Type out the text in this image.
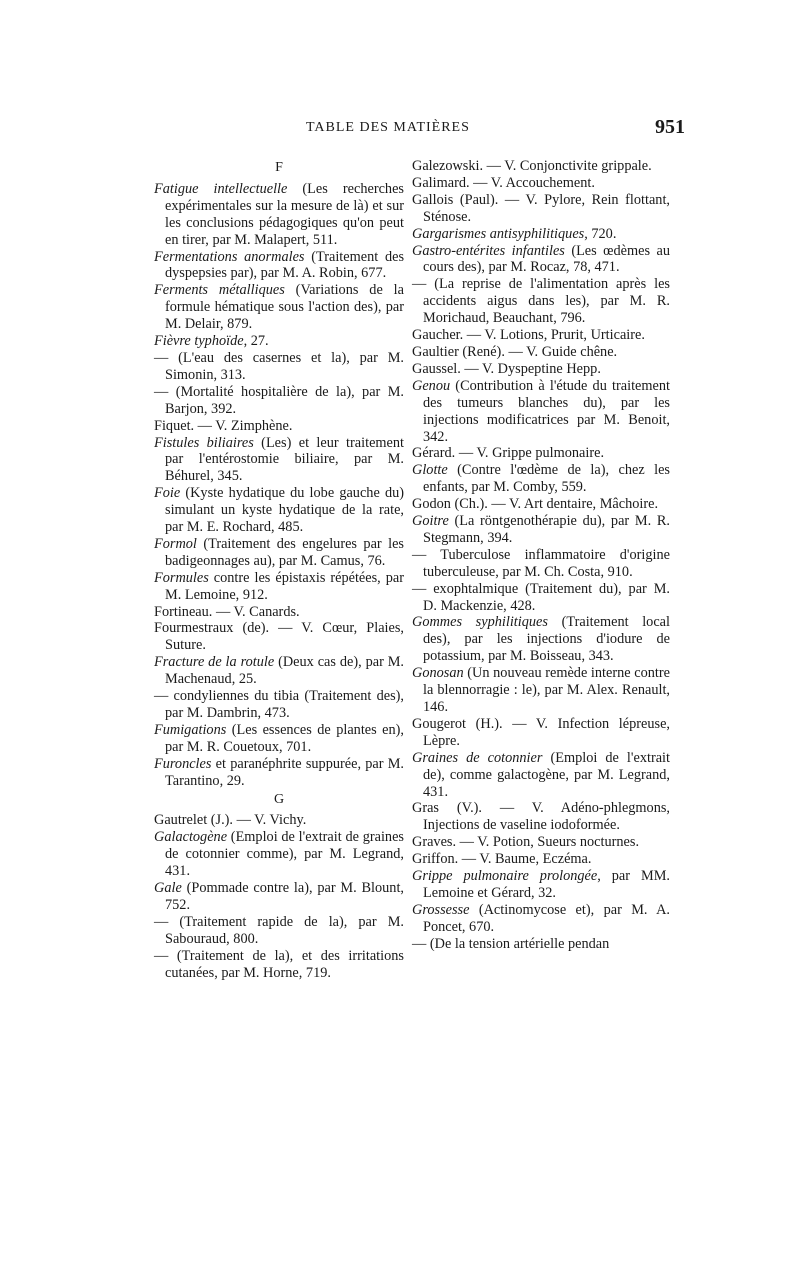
TABLE DES MATIÈRES	951
F

Fatigue intellectuelle (Les recherches expérimentales sur la mesure de là) et sur les conclusions pédagogiques qu'on peut en tirer, par M. Malapert, 511.

Fermentations anormales (Traitement des dyspepsies par), par M. A. Robin, 677.

Ferments métalliques (Variations de la formule hématique sous l'action des), par M. Delair, 879.

Fièvre typhoïde, 27.

— (L'eau des casernes et la), par M. Simonin, 313.

— (Mortalité hospitalière de la), par M. Barjon, 392.

Fiquet. — V. Zimphène.

Fistules biliaires (Les) et leur traitement par l'entérostomie biliaire, par M. Béhurel, 345.

Foie (Kyste hydatique du lobe gauche du) simulant un kyste hydatique de la rate, par M. E. Rochard, 485.

Formol (Traitement des engelures par les badigeonnages au), par M. Camus, 76.

Formules contre les épistaxis répétées, par M. Lemoine, 912.

Fortineau. — V. Canards.

Fourmestraux (de). — V. Cœur, Plaies, Suture.

Fracture de la rotule (Deux cas de), par M. Machenaud, 25.

— condyliennes du tibia (Traitement des), par M. Dambrin, 473.

Fumigations (Les essences de plantes en), par M. R. Couetoux, 701.

Furoncles et paranéphrite suppurée, par M. Tarantino, 29.

G

Gautrelet (J.). — V. Vichy.

Galactogène (Emploi de l'extrait de graines de cotonnier comme), par M. Legrand, 431.

Gale (Pommade contre la), par M. Blount, 752.

— (Traitement rapide de la), par M. Sabouraud, 800.

— (Traitement de la), et des irritations cutanées, par M. Horne, 719.

Galezowski. — V. Conjonctivite grippale.

Galimard. — V. Accouchement.

Gallois (Paul). — V. Pylore, Rein flottant, Sténose.

Gargarismes antisyphilitiques, 720.

Gastro-entérites infantiles (Les œdèmes au cours des), par M. Rocaz, 78, 471.

— (La reprise de l'alimentation après les accidents aigus dans les), par M. R. Morichaud, Beauchant, 796.

Gaucher. — V. Lotions, Prurit, Urticaire.

Gaultier (René). — V. Guide chêne.

Gaussel. — V. Dyspeptine Hepp.

Genou (Contribution à l'étude du traitement des tumeurs blanches du), par les injections modificatrices par M. Benoit, 342.

Gérard. — V. Grippe pulmonaire.

Glotte (Contre l'œdème de la), chez les enfants, par M. Comby, 559.

Godon (Ch.). — V. Art dentaire, Mâchoire.

Goitre (La röntgenothérapie du), par M. R. Stegmann, 394.

— Tuberculose inflammatoire d'origine tuberculeuse, par M. Ch. Costa, 910.

— exophtalmique (Traitement du), par M. D. Mackenzie, 428.

Gommes syphilitiques (Traitement local des), par les injections d'iodure de potassium, par M. Boisseau, 343.

Gonosan (Un nouveau remède interne contre la blennorragie : le), par M. Alex. Renault, 146.

Gougerot (H.). — V. Infection lépreuse, Lèpre.

Graines de cotonnier (Emploi de l'extrait de), comme galactogène, par M. Legrand, 431.

Gras (V.). — V. Adéno-phlegmons, Injections de vaseline iodoformée.

Graves. — V. Potion, Sueurs nocturnes.

Griffon. — V. Baume, Eczéma.

Grippe pulmonaire prolongée, par MM. Lemoine et Gérard, 32.

Grossesse (Actinomycose et), par M. A. Poncet, 670.

— (De la tension artérielle pendan
